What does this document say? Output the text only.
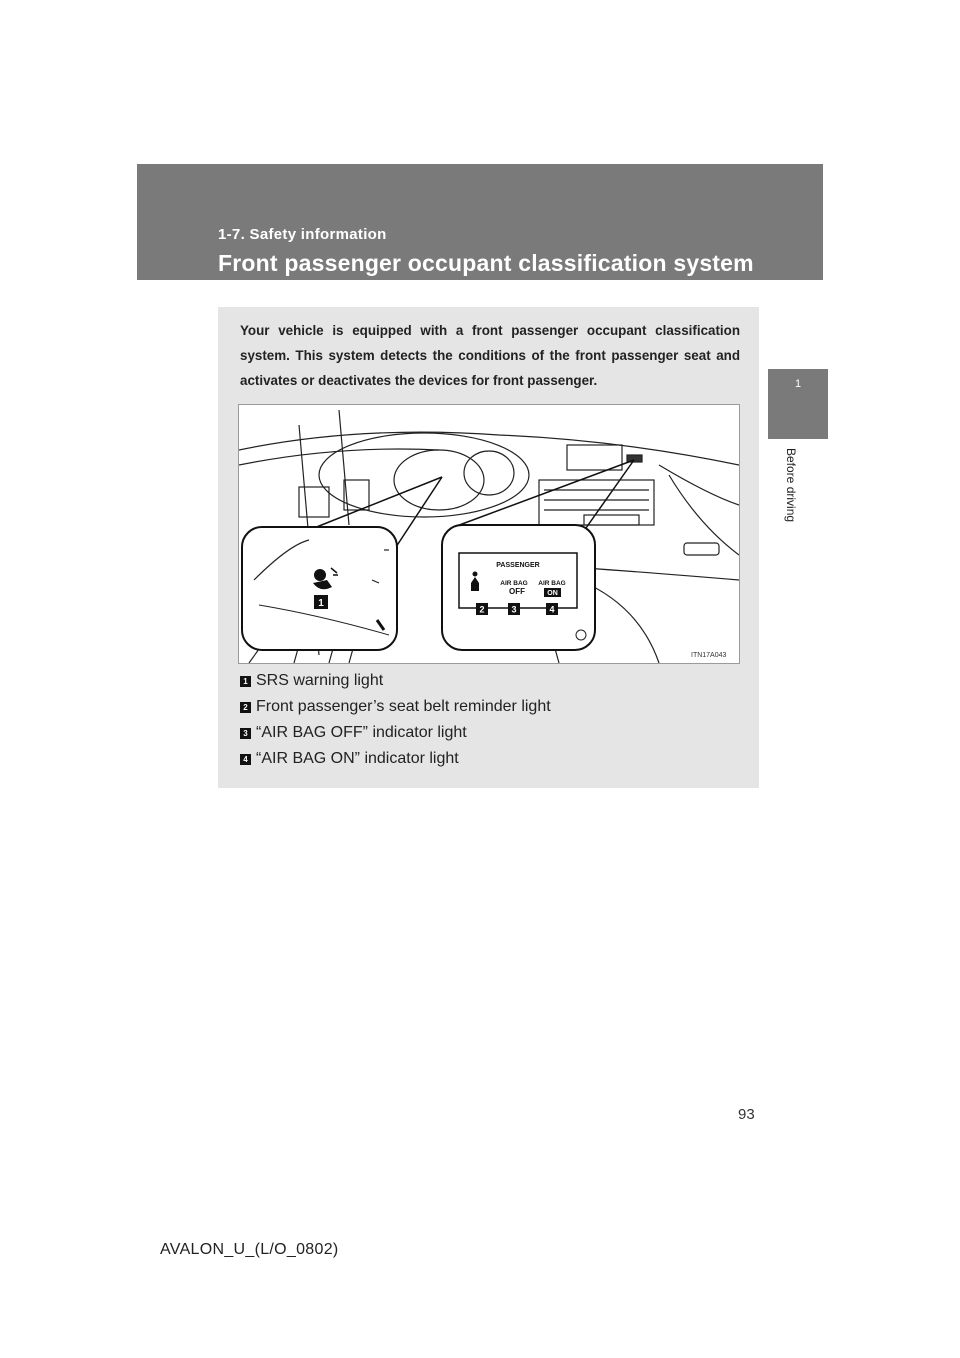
1-7. Safety information
Front passenger occupant classification system
1
Before driving
Your vehicle is equipped with a front passenger occupant classification system. This system detects the conditions of the front passenger seat and activates or deactivates the devices for front passenger.
1
PASSENGER
AIR BAG
OFF
AIR BAG
ON
2	3	4
ITN17A043
1 SRS warning light
2 Front passenger’s seat belt reminder light
3 “AIR BAG OFF” indicator light
4 “AIR BAG ON” indicator light
93
AVALON_U_(L/O_0802)
